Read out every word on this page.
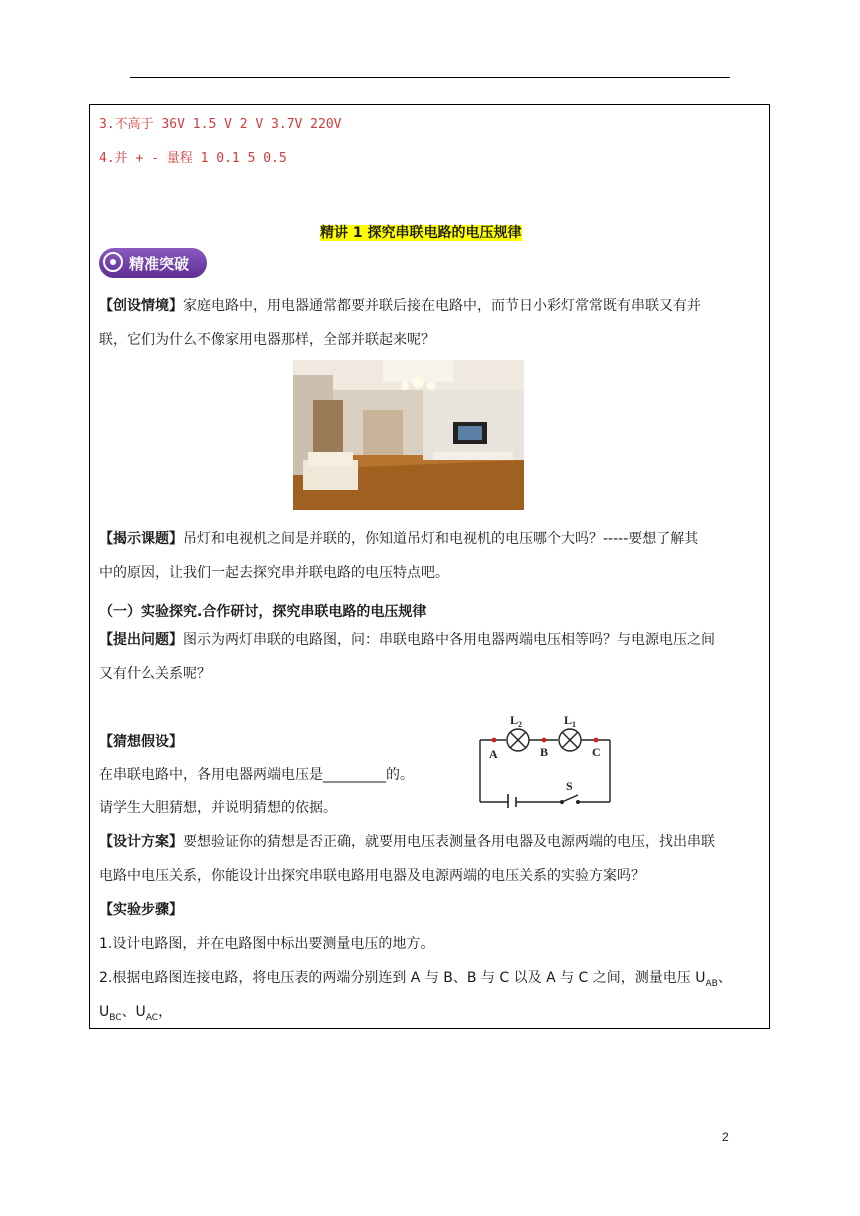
3.不高于 36V 1.5 V 2 V 3.7V 220V
4.并 + - 量程 1 0.1 5 0.5
精讲 1 探究串联电路的电压规律
精准突破
【创设情境】家庭电路中，用电器通常都要并联后接在电路中，而节日小彩灯常常既有串联又有并
联，它们为什么不像家用电器那样，全部并联起来呢？
【揭示课题】吊灯和电视机之间是并联的，你知道吊灯和电视机的电压哪个大吗？-----要想了解其
中的原因，让我们一起去探究串并联电路的电压特点吧。
（一）实验探究.合作研讨，探究串联电路的电压规律
【提出问题】图示为两灯串联的电路图，问：串联电路中各用电器两端电压相等吗？与电源电压之间
又有什么关系呢？
【猜想假设】
在串联电路中，各用电器两端电压是_________的。
请学生大胆猜想，并说明猜想的依据。
$L_2$	$L_1$
A	B	C
S
【设计方案】要想验证你的猜想是否正确，就要用电压表测量各用电器及电源两端的电压，找出串联
电路中电压关系，你能设计出探究串联电路用电器及电源两端的电压关系的实验方案吗？
【实验步骤】
1.设计电路图，并在电路图中标出要测量电压的地方。
2.根据电路图连接电路，将电压表的两端分别连到 A 与 B、B 与 C 以及 A 与 C 之间，测量电压 $U_{AB}$、
$U_{BC}$、$U_{AC}$，
2
